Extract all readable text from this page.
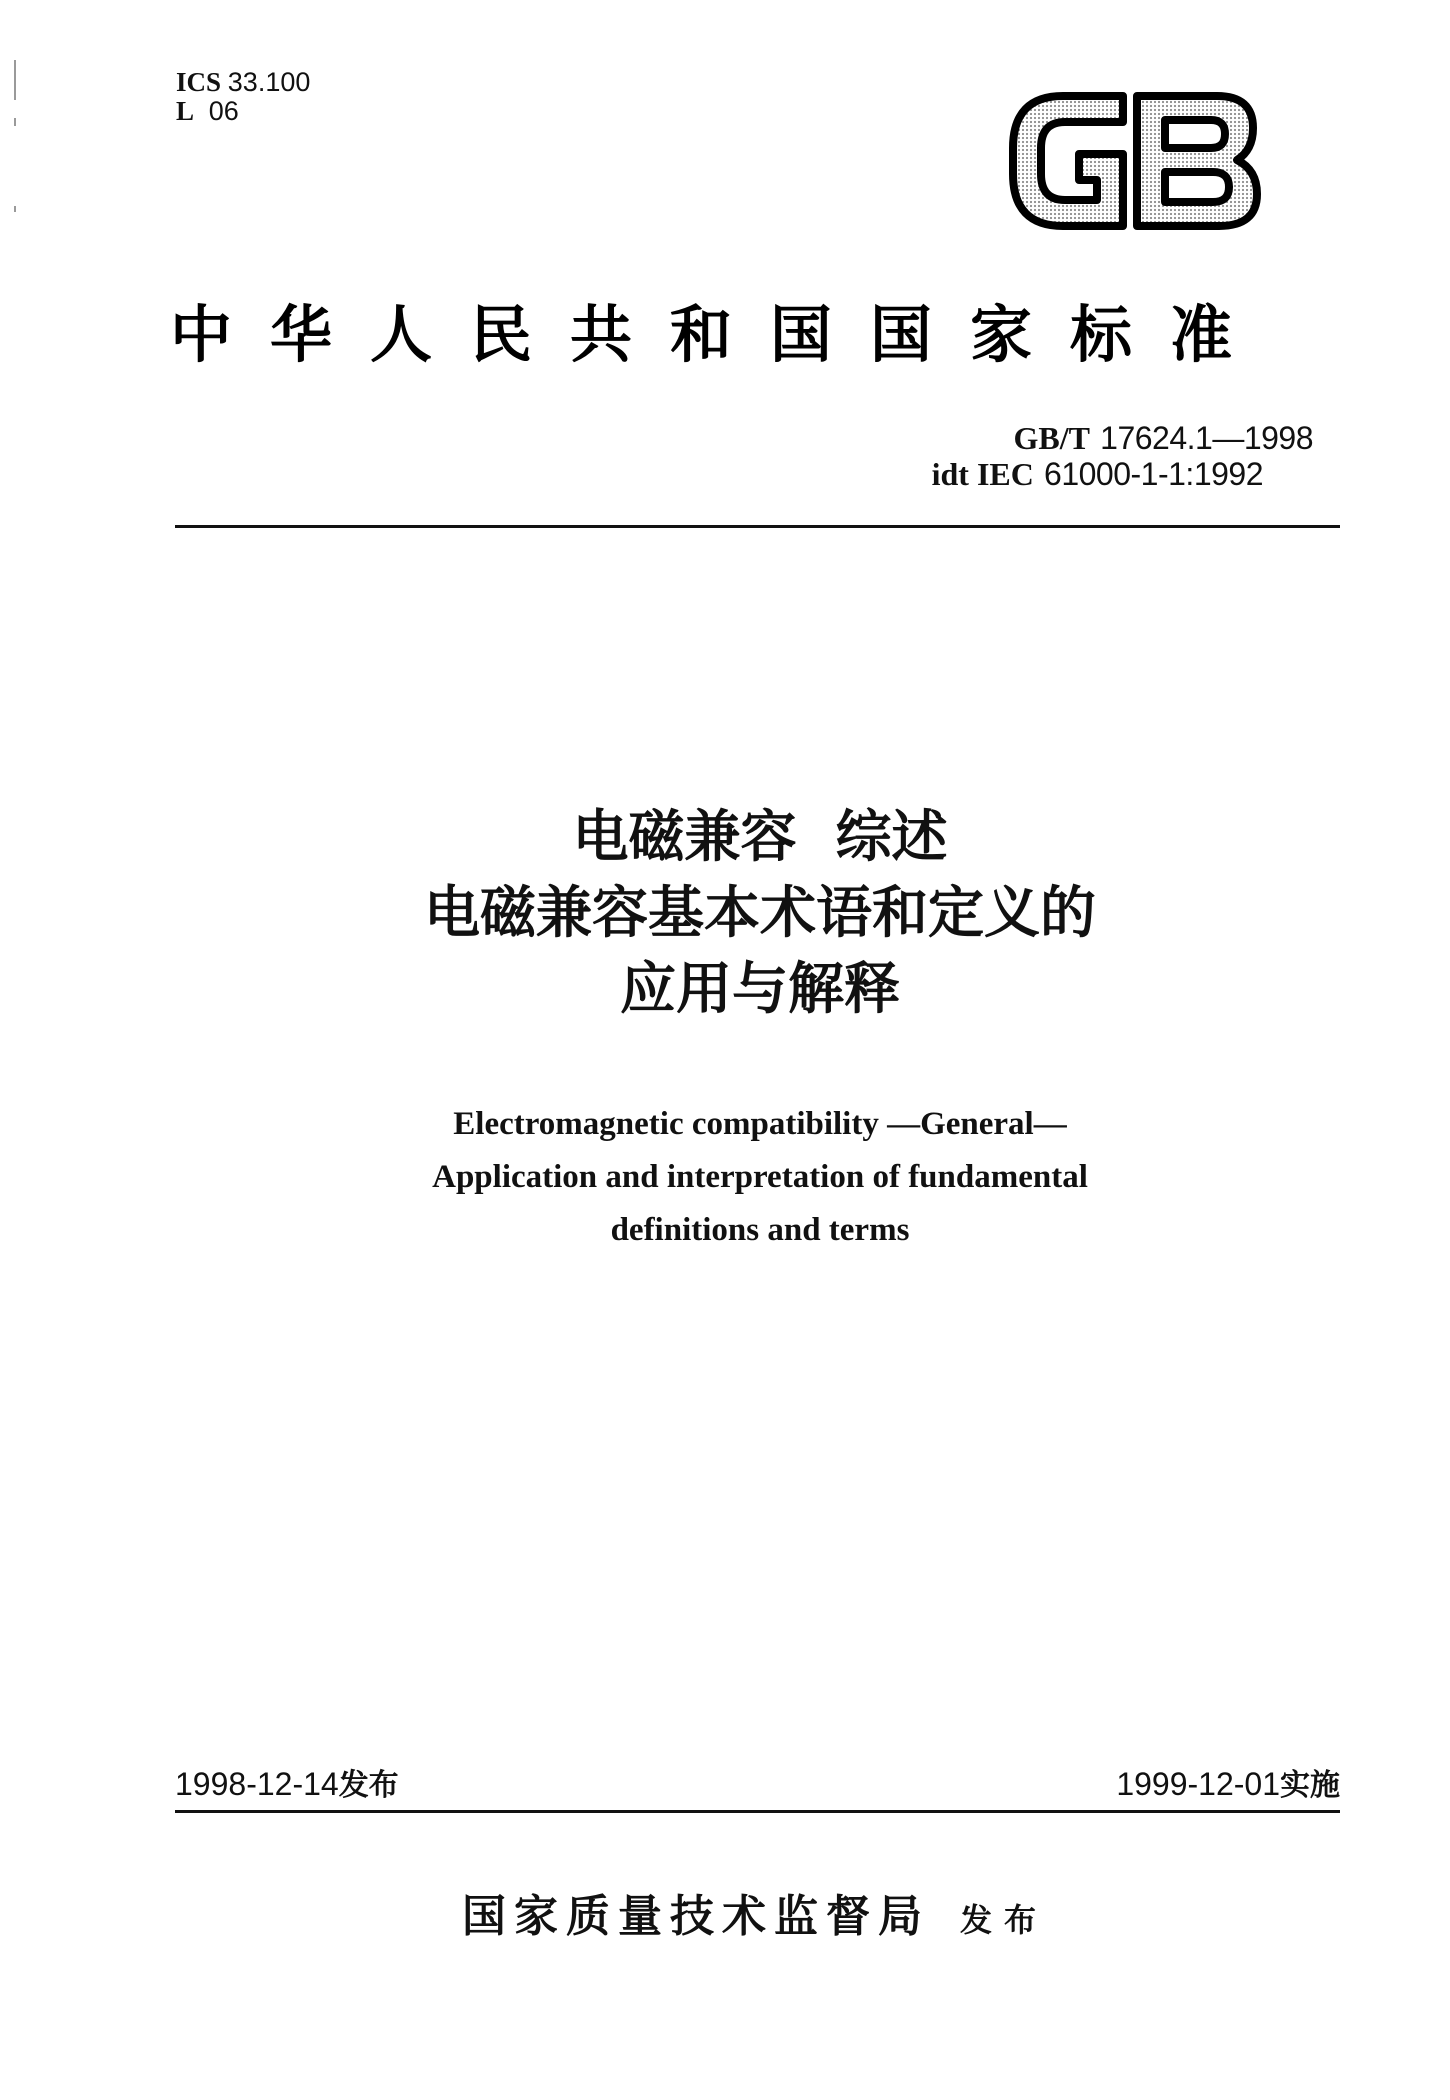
ICS 33.100
L 06
中华人民共和国国家标准
GB/T 17624.1—1998
idt IEC 61000-1-1:1992
电磁兼容  综述
电磁兼容基本术语和定义的
应用与解释
Electromagnetic compatibility —General—
Application and interpretation of fundamental
definitions and terms
1998-12-14发布	1999-12-01实施
国家质量技术监督局 发布
